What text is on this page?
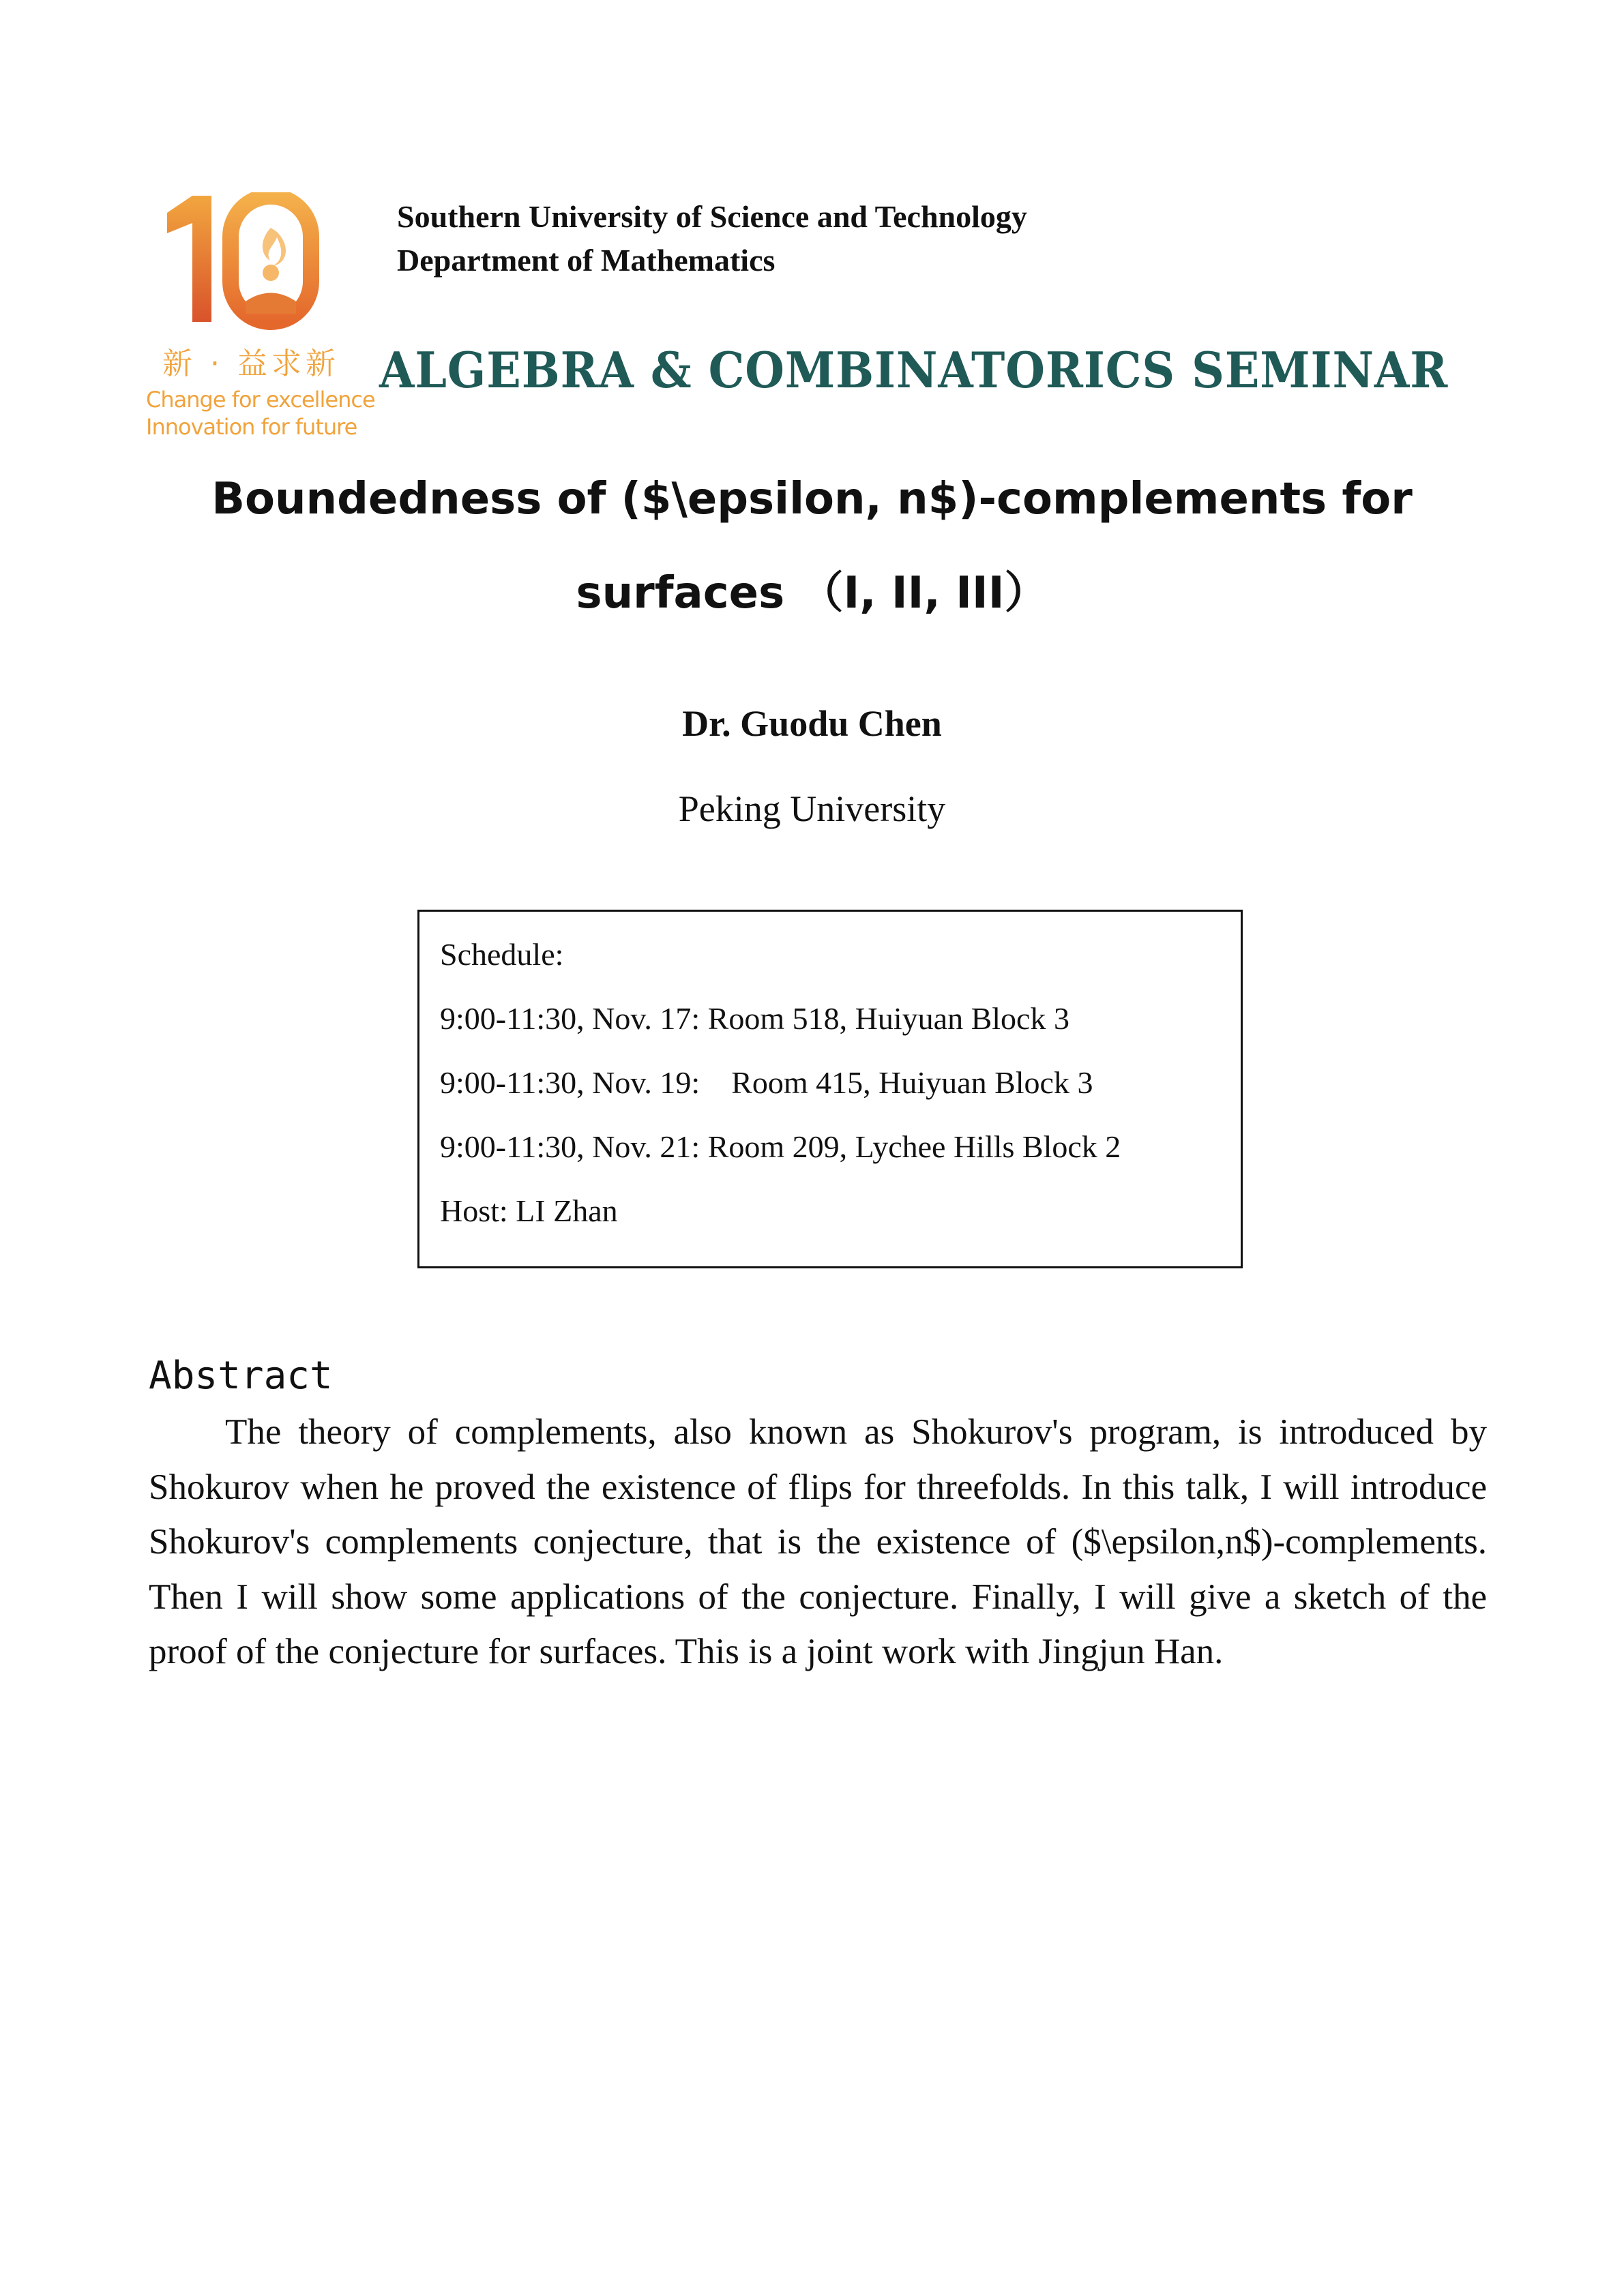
新 · 益求新
Change for excellence
Innovation for future
Southern University of Science and Technology
Department of Mathematics
ALGEBRA & COMBINATORICS SEMINAR
Boundedness of ($\epsilon, n$)-complements for
surfaces （I, II, III）
Dr. Guodu Chen
Peking University
Schedule:
9:00-11:30, Nov. 17: Room 518, Huiyuan Block 3
9:00-11:30, Nov. 19:    Room 415, Huiyuan Block 3
9:00-11:30, Nov. 21: Room 209, Lychee Hills Block 2
Host: LI Zhan
Abstract
The theory of complements, also known as Shokurov's program, is introduced by Shokurov when he proved the existence of flips for threefolds. In this talk, I will introduce Shokurov's complements conjecture, that is the existence of ($\epsilon,n$)-complements. Then I will show some applications of the conjecture. Finally, I will give a sketch of the proof of the conjecture for surfaces. This is a joint work with Jingjun Han.
